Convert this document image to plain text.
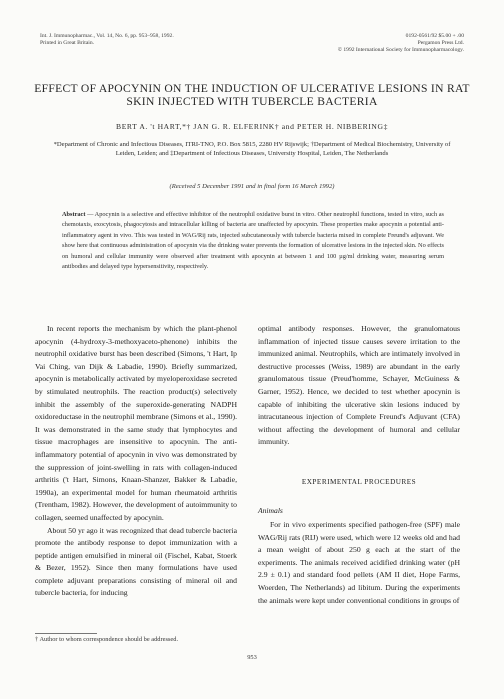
Int. J. Immunopharmac., Vol. 14, No. 6, pp. 953–958, 1992.
Printed in Great Britain.
0192-0561/92 $5.00 + .00
Pergamon Press Ltd.
© 1992 International Society for Immunopharmacology.
EFFECT OF APOCYNIN ON THE INDUCTION OF ULCERATIVE LESIONS IN RAT SKIN INJECTED WITH TUBERCLE BACTERIA
BERT A. 't HART,*† JAN G. R. ELFERINK† and PETER H. NIBBERING‡
*Department of Chronic and Infectious Diseases, ITRI-TNO, P.O. Box 5815, 2280 HV Rijswijk; †Department of Medical Biochemistry, University of Leiden, Leiden; and ‡Department of Infectious Diseases, University Hospital, Leiden, The Netherlands
(Received 5 December 1991 and in final form 16 March 1992)
Abstract — Apocynin is a selective and effective inhibitor of the neutrophil oxidative burst in vitro. Other neutrophil functions, tested in vitro, such as chemotaxis, exocytosis, phagocytosis and intracellular killing of bacteria are unaffected by apocynin. These properties make apocynin a potential anti-inflammatory agent in vivo. This was tested in WAG/Rij rats, injected subcutaneously with tubercle bacteria mixed in complete Freund's adjuvant. We show here that continuous administration of apocynin via the drinking water prevents the formation of ulcerative lesions in the injected skin. No effects on humoral and cellular immunity were observed after treatment with apocynin at between 1 and 100 µg/ml drinking water, measuring serum antibodies and delayed type hypersensitivity, respectively.

In recent reports the mechanism by which the plant-phenol apocynin (4-hydroxy-3-methoxyaceto-phenone) inhibits the neutrophil oxidative burst has been described (Simons, 't Hart, Ip Vai Ching, van Dijk & Labadie, 1990). Briefly summarized, apocynin is metabolically activated by myeloperoxidase secreted by stimulated neutrophils. The reaction product(s) selectively inhibit the assembly of the superoxide-generating NADPH oxidoreductase in the neutrophil membrane (Simons et al., 1990). It was demonstrated in the same study that lymphocytes and tissue macrophages are insensitive to apocynin. The anti-inflammatory potential of apocynin in vivo was demonstrated by the suppression of joint-swelling in rats with collagen-induced arthritis ('t Hart, Simons, Knaan-Shanzer, Bakker & Labadie, 1990a), an experimental model for human rheumatoid arthritis (Trentham, 1982). However, the development of autoimmunity to collagen, seemed unaffected by apocynin.

About 50 yr ago it was recognized that dead tubercle bacteria promote the antibody response to depot immunization with a peptide antigen emulsified in mineral oil (Fischel, Kabat, Stoerk & Bezer, 1952). Since then many formulations have used complete adjuvant preparations consisting of mineral oil and tubercle bacteria, for inducing

optimal antibody responses. However, the granulomatous inflammation of injected tissue causes severe irritation to the immunized animal. Neutrophils, which are intimately involved in destructive processes (Weiss, 1989) are abundant in the early granulomatous tissue (Preud'homme, Schayer, McGuiness & Garner, 1952). Hence, we decided to test whether apocynin is capable of inhibiting the ulcerative skin lesions induced by intracutaneous injection of Complete Freund's Adjuvant (CFA) without affecting the development of humoral and cellular immunity.

EXPERIMENTAL PROCEDURES
Animals

For in vivo experiments specified pathogen-free (SPF) male WAG/Rij rats (RIJ) were used, which were 12 weeks old and had a mean weight of about 250 g each at the start of the experiments. The animals received acidified drinking water (pH 2.9 ± 0.1) and standard food pellets (AM II diet, Hope Farms, Woerden, The Netherlands) ad libitum. During the experiments the animals were kept under conventional conditions in groups of

† Author to whom correspondence should be addressed.
953
